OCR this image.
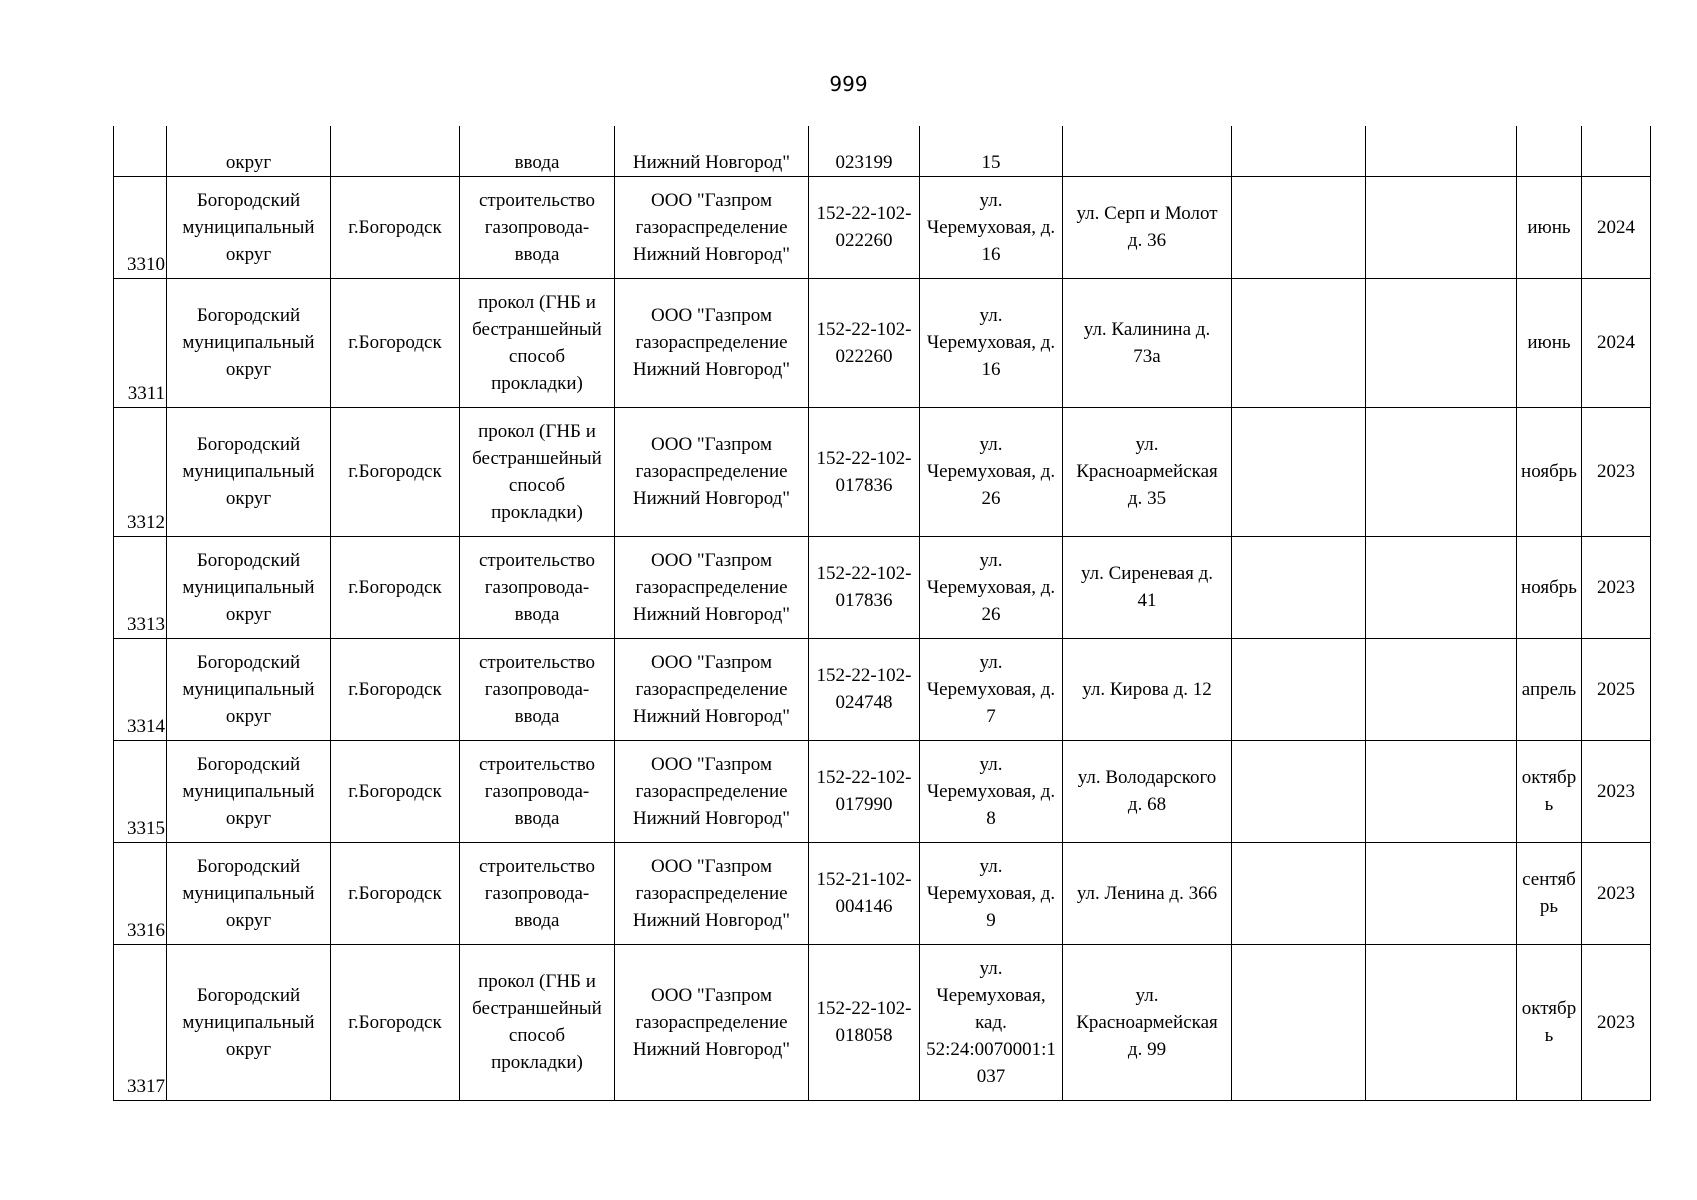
999

	округ		ввода	Нижний Новгород"	023199	15					

3310	Богородский
муниципальный
округ	г.Богородск	строительство
газопровода-
ввода	ООО "Газпром
газораспределение
Нижний Новгород"	152-22-102-
022260	ул.
Черемуховая, д.
16	ул. Серп и Молот
д. 36			июнь	2024

3311	Богородский
муниципальный
округ	г.Богородск	прокол (ГНБ и
бестраншейный
способ
прокладки)	ООО "Газпром
газораспределение
Нижний Новгород"	152-22-102-
022260	ул.
Черемуховая, д.
16	ул. Калинина д.
73а			июнь	2024

3312	Богородский
муниципальный
округ	г.Богородск	прокол (ГНБ и
бестраншейный
способ
прокладки)	ООО "Газпром
газораспределение
Нижний Новгород"	152-22-102-
017836	ул.
Черемуховая, д.
26	ул.
Красноармейская
д. 35			ноябрь	2023

3313	Богородский
муниципальный
округ	г.Богородск	строительство
газопровода-
ввода	ООО "Газпром
газораспределение
Нижний Новгород"	152-22-102-
017836	ул.
Черемуховая, д.
26	ул. Сиреневая д.
41			ноябрь	2023

3314	Богородский
муниципальный
округ	г.Богородск	строительство
газопровода-
ввода	ООО "Газпром
газораспределение
Нижний Новгород"	152-22-102-
024748	ул.
Черемуховая, д.
7	ул. Кирова д. 12			апрель	2025

3315	Богородский
муниципальный
округ	г.Богородск	строительство
газопровода-
ввода	ООО "Газпром
газораспределение
Нижний Новгород"	152-22-102-
017990	ул.
Черемуховая, д.
8	ул. Володарского
д. 68			октябр
ь	2023

3316	Богородский
муниципальный
округ	г.Богородск	строительство
газопровода-
ввода	ООО "Газпром
газораспределение
Нижний Новгород"	152-21-102-
004146	ул.
Черемуховая, д.
9	ул. Ленина д. 366			сентяб
рь	2023

3317	Богородский
муниципальный
округ	г.Богородск	прокол (ГНБ и
бестраншейный
способ
прокладки)	ООО "Газпром
газораспределение
Нижний Новгород"	152-22-102-
018058	ул.
Черемуховая,
кад.
52:24:0070001:1
037	ул.
Красноармейская
д. 99			октябр
ь	2023
